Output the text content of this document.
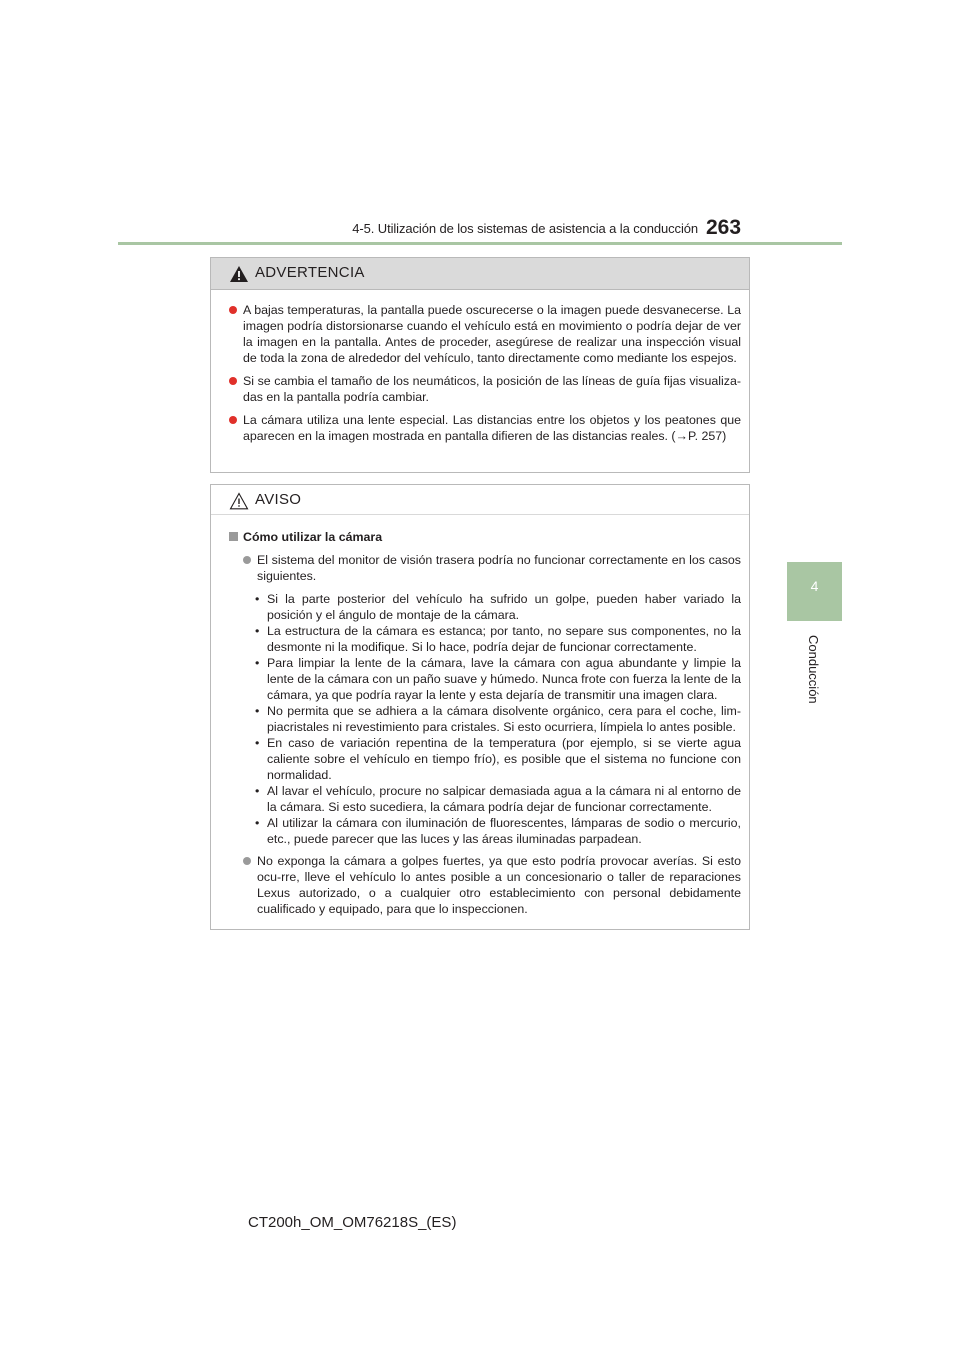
4-5. Utilización de los sistemas de asistencia a la conducción 263
4
Conducción
ADVERTENCIA
A bajas temperaturas, la pantalla puede oscurecerse o la imagen puede desvanecerse. La imagen podría distorsionarse cuando el vehículo está en movimiento o podría dejar de ver la imagen en la pantalla. Antes de proceder, asegúrese de realizar una inspección visual de toda la zona de alrededor del vehículo, tanto directamente como mediante los espejos.
Si se cambia el tamaño de los neumáticos, la posición de las líneas de guía fijas visualiza-das en la pantalla podría cambiar.
La cámara utiliza una lente especial. Las distancias entre los objetos y los peatones que aparecen en la imagen mostrada en pantalla difieren de las distancias reales. (→P. 257)
AVISO
Cómo utilizar la cámara
El sistema del monitor de visión trasera podría no funcionar correctamente en los casos siguientes.
• Si la parte posterior del vehículo ha sufrido un golpe, pueden haber variado la posición y el ángulo de montaje de la cámara.
• La estructura de la cámara es estanca; por tanto, no separe sus componentes, no la desmonte ni la modifique. Si lo hace, podría dejar de funcionar correctamente.
• Para limpiar la lente de la cámara, lave la cámara con agua abundante y limpie la lente de la cámara con un paño suave y húmedo. Nunca frote con fuerza la lente de la cámara, ya que podría rayar la lente y esta dejaría de transmitir una imagen clara.
• No permita que se adhiera a la cámara disolvente orgánico, cera para el coche, lim-piacristales ni revestimiento para cristales. Si esto ocurriera, límpiela lo antes posible.
• En caso de variación repentina de la temperatura (por ejemplo, si se vierte agua caliente sobre el vehículo en tiempo frío), es posible que el sistema no funcione con normalidad.
• Al lavar el vehículo, procure no salpicar demasiada agua a la cámara ni al entorno de la cámara. Si esto sucediera, la cámara podría dejar de funcionar correctamente.
• Al utilizar la cámara con iluminación de fluorescentes, lámparas de sodio o mercurio, etc., puede parecer que las luces y las áreas iluminadas parpadean.
No exponga la cámara a golpes fuertes, ya que esto podría provocar averías. Si esto ocu-rre, lleve el vehículo lo antes posible a un concesionario o taller de reparaciones Lexus autorizado, o a cualquier otro establecimiento con personal debidamente cualificado y equipado, para que lo inspeccionen.
CT200h_OM_OM76218S_(ES)
